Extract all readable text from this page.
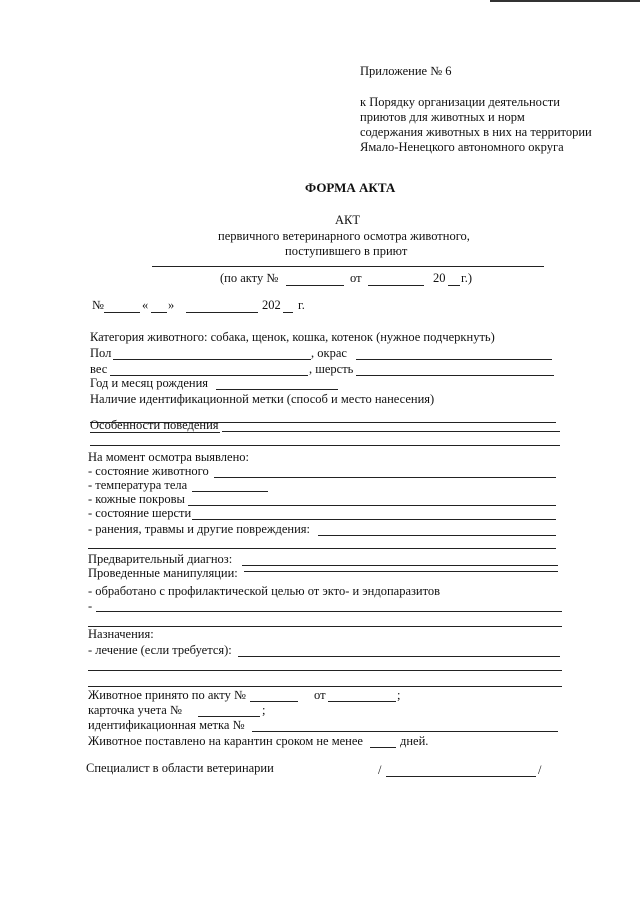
Приложение № 6
к Порядку организации деятельности
приютов для животных и норм
содержания животных в них на территории
Ямало-Ненецкого автономного округа
ФОРМА АКТА
АКТ
первичного ветеринарного осмотра животного,
поступившего в приют
(по акту №	от	20 г.)
№	« »	202 г.
Категория животного: собака, щенок, кошка, котенок (нужное подчеркнуть)
Пол	, окрас
вес	, шерсть
Год и месяц рождения
Наличие идентификационной метки (способ и место нанесения)
Особенности поведения
На момент осмотра выявлено:
- состояние животного
- температура тела
- кожные покровы
- состояние шерсти
- ранения, травмы и другие повреждения:
Предварительный диагноз:
Проведенные манипуляции:
- обработано с профилактической целью от экто- и эндопаразитов
-
Назначения:
- лечение (если требуется):
Животное принято по акту №	от	;
карточка учета №	;
идентификационная метка №
Животное поставлено на карантин сроком не менее	дней.
Специалист в области ветеринарии	/	/
